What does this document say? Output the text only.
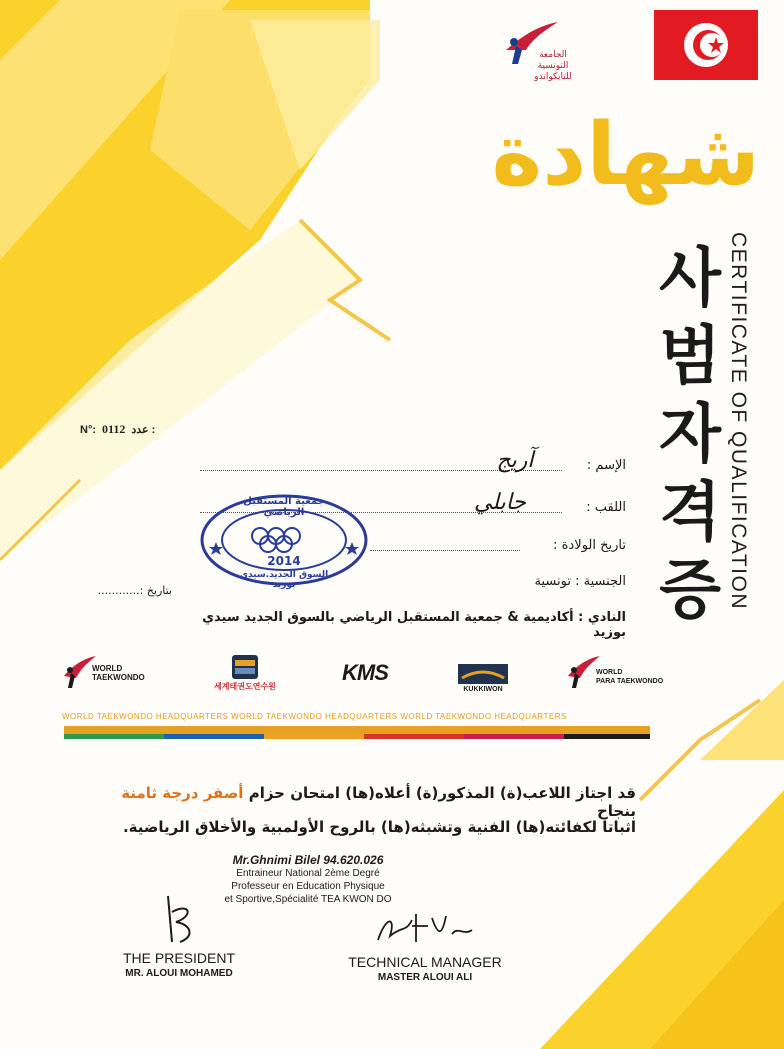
الجامعة
التونسية
للتايكواندو
شهادة
사
범
자
격
증 CERTIFICATE OF QUALIFICATION
N°: 0112 : عدد
الإسم :
آريج
اللقب :
جابلي
تاريخ الولادة :
الجنسية : تونسية
بتاريخ :............
النادي : أكاديمية & جمعية المستقبل الرياضي بالسوق الجديد سيدي بوزيد
جمعية المستقبل الرياضي
2014
السوق الجديد.سيدي بوزيد
WORLD
TAEKWONDO
세계태권도연수원
KMS
KUKKIWON
WORLD
PARA TAEKWONDO
WORLD TAEKWONDO HEADQUARTERS WORLD TAEKWONDO HEADQUARTERS WORLD TAEKWONDO HEADQUARTERS
قد اجتاز اللاعب(ة) المذكور(ة) أعلاه(ها) امتحان حزام أصفر درجة ثامنة بنجاح
اثباتا لكفائته(ها) الفنية وتشبثه(ها) بالروح الأولمبية والأخلاق الرياضية.
Mr.Ghnimi Bilel 94.620.026
Entraineur National 2ème Degré
Professeur en Education Physique
et Sportive,Spécialité TEA KWON DO
THE PRESIDENT
MR. ALOUI MOHAMED
TECHNICAL MANAGER
MASTER ALOUI ALI
